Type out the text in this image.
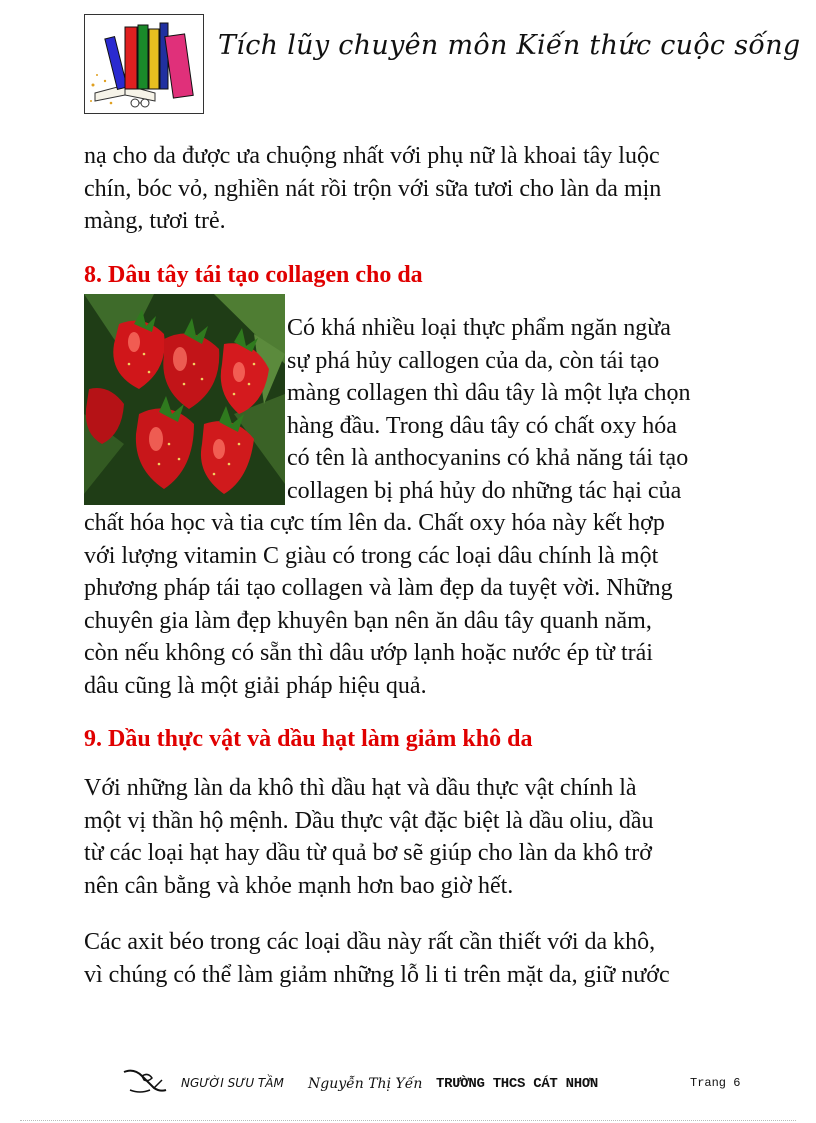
Tích lũy chuyên môn Kiến thức cuộc sống

nạ cho da được ưa chuộng nhất với phụ nữ là khoai tây luộc

chín, bóc vỏ, nghiền nát rồi trộn với sữa tươi cho làn da mịn

màng, tươi trẻ.

8. Dâu tây tái tạo collagen cho da

Có khá nhiều loại thực phẩm ngăn ngừa

sự phá hủy callogen của da, còn tái tạo

màng collagen thì dâu tây là một lựa chọn

hàng đầu. Trong dâu tây có chất oxy hóa

có tên là anthocyanins có khả năng tái tạo

collagen bị phá hủy do những tác hại của

chất hóa học và tia cực tím lên da. Chất oxy hóa này kết hợp

với lượng vitamin C giàu có trong các loại dâu chính là một

phương pháp tái tạo collagen và làm đẹp da tuyệt vời. Những

chuyên gia làm đẹp khuyên bạn nên ăn dâu tây quanh năm,

còn nếu không có sẵn thì dâu ướp lạnh hoặc nước ép từ trái

dâu cũng là một giải pháp hiệu quả.

9. Dầu thực vật và dầu hạt làm giảm khô da

Với những làn da khô thì dầu hạt và dầu thực vật chính là

một vị thần hộ mệnh. Dầu thực vật đặc biệt là dầu oliu, dầu

từ các loại hạt hay dầu từ quả bơ sẽ giúp cho làn da khô trở

nên cân bằng và khỏe mạnh hơn bao giờ hết.

Các axit béo trong các loại dầu này rất cần thiết với da khô,

vì chúng có thể làm giảm những lỗ li ti trên mặt da, giữ nước

NGƯỜI SƯU TẦM Nguyễn Thị Yến TRƯỜNG THCS CÁT NHƠN	Trang 6
